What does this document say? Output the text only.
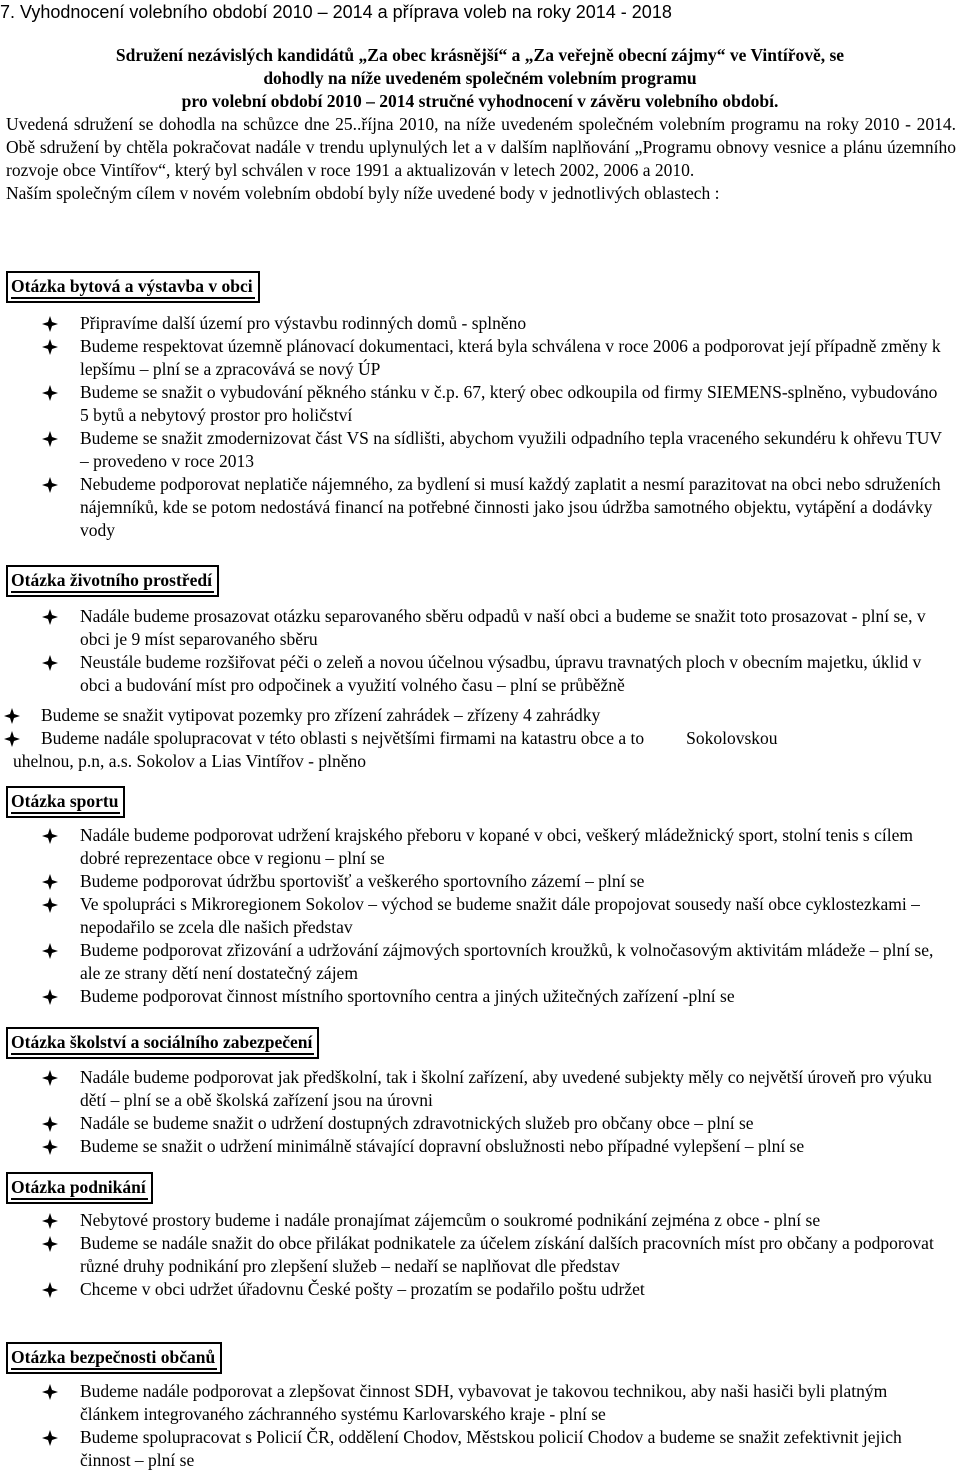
7. Vyhodnocení volebního období 2010 – 2014 a příprava voleb na roky 2014 - 2018
Sdružení nezávislých kandidátů „Za obec krásnější“ a „Za veřejně obecní zájmy“ ve Vintířově, se
dohodly na níže uvedeném společném volebním programu
pro volební období 2010 – 2014 stručné vyhodnocení v závěru volebního období.
Uvedená sdružení se dohodla na schůzce dne 25..října 2010, na níže uvedeném společném volebním programu na roky 2010 - 2014. Obě sdružení by chtěla pokračovat nadále v trendu uplynulých let a v dalším naplňování „Programu obnovy vesnice a plánu územního rozvoje obce Vintířov“, který byl schválen v roce 1991 a aktualizován v letech 2002, 2006 a 2010.
Naším společným cílem v novém volebním období byly níže uvedené body v jednotlivých oblastech :
Otázka bytová a výstavba v obci
Připravíme další území pro výstavbu rodinných domů - splněno
Budeme respektovat územně plánovací dokumentaci, která byla schválena v roce 2006 a podporovat její případně změny k lepšímu – plní se a zpracovává se nový ÚP
Budeme se snažit o vybudování pěkného stánku v č.p. 67, který obec odkoupila od firmy SIEMENS-splněno, vybudováno 5 bytů a nebytový prostor pro holičství
Budeme se snažit zmodernizovat část VS na sídlišti, abychom využili odpadního tepla vraceného sekundéru k ohřevu TUV – provedeno v roce 2013
Nebudeme podporovat neplatiče nájemného, za bydlení si musí každý zaplatit a nesmí parazitovat na obci nebo sdruženích nájemníků, kde se potom nedostává financí na potřebné činnosti jako jsou údržba samotného objektu, vytápění a dodávky vody
Otázka životního prostředí
Nadále budeme prosazovat otázku separovaného sběru odpadů v naší obci a budeme se snažit toto prosazovat - plní se, v obci je 9 míst separovaného sběru
Neustále budeme rozšiřovat péči o zeleň a novou účelnou výsadbu, úpravu travnatých ploch v obecním majetku, úklid v obci a budování míst pro odpočinek a využití volného času – plní se průběžně
Budeme se snažit vytipovat pozemky pro zřízení zahrádek – zřízeny 4 zahrádky
Budeme nadále spolupracovat v této oblasti s největšími firmami na katastru obce a to Sokolovskou
uhelnou, p.n, a.s. Sokolov a Lias Vintířov - plněno
Otázka sportu
Nadále budeme podporovat udržení krajského přeboru v kopané v obci, veškerý mládežnický sport, stolní tenis s cílem dobré reprezentace obce v regionu – plní se
Budeme podporovat údržbu sportovišť a veškerého sportovního zázemí – plní se
Ve spolupráci s Mikroregionem Sokolov – východ se budeme snažit dále propojovat sousedy naší obce cyklostezkami – nepodařilo se zcela dle našich představ
Budeme podporovat zřizování a udržování zájmových sportovních kroužků, k volnočasovým aktivitám mládeže – plní se, ale ze strany dětí není dostatečný zájem
Budeme podporovat činnost místního sportovního centra a jiných užitečných zařízení -plní se
Otázka školství a sociálního zabezpečení
Nadále budeme podporovat jak předškolní, tak i školní zařízení, aby uvedené subjekty měly co největší úroveň pro výuku dětí – plní se a obě školská zařízení jsou na úrovni
Nadále se budeme snažit o udržení dostupných zdravotnických služeb pro občany obce – plní se
Budeme se snažit o udržení minimálně stávající dopravní obslužnosti nebo případné vylepšení – plní se
Otázka podnikání
Nebytové prostory budeme i nadále pronajímat zájemcům o soukromé podnikání zejména z obce - plní se
Budeme se nadále snažit do obce přilákat podnikatele za účelem získání dalších pracovních míst pro občany a podporovat různé druhy podnikání pro zlepšení služeb – nedaří se naplňovat dle představ
Chceme v obci udržet úřadovnu České pošty – prozatím se podařilo poštu udržet
Otázka bezpečnosti občanů
Budeme nadále podporovat a zlepšovat činnost SDH, vybavovat je takovou technikou, aby naši hasiči byli platným článkem integrovaného záchranného systému Karlovarského kraje - plní se
Budeme spolupracovat s Policií ČR, oddělení Chodov, Městskou policií Chodov a budeme se snažit zefektivnit jejich činnost – plní se
